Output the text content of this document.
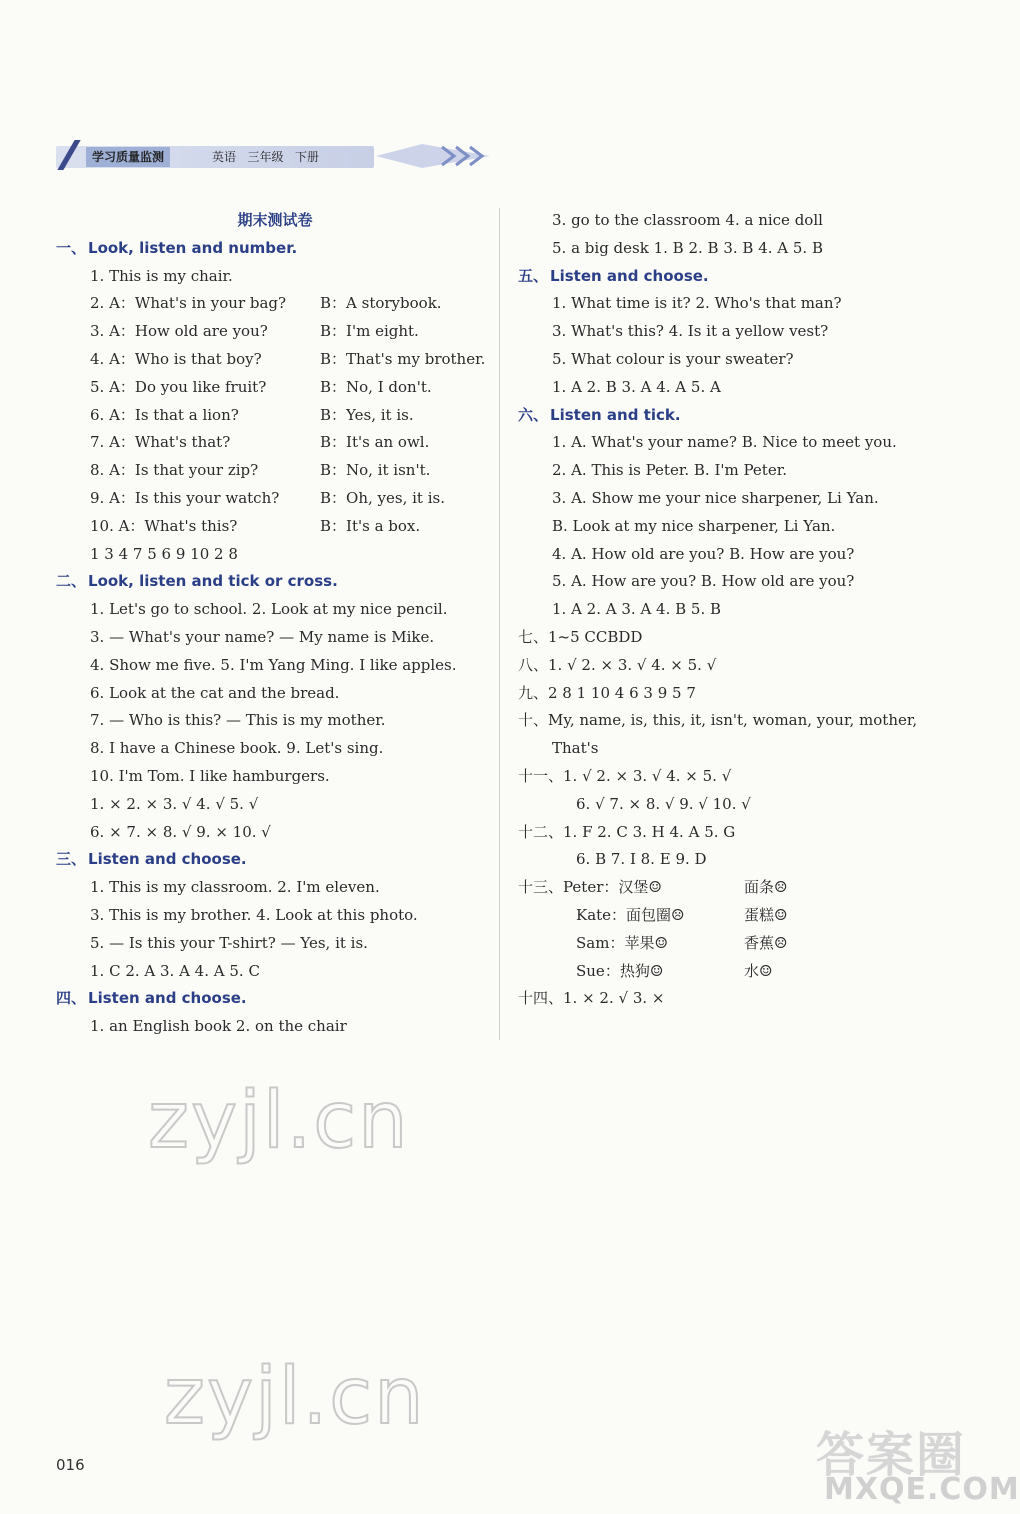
学习质量监测	英语 三年级 下册
期末测试卷
一、 Look, listen and number.
1. This is my chair.
2. A：What's in your bag? B：A storybook.
3. A：How old are you?	B：I'm eight.
4. A：Who is that boy?	B：That's my brother.
5. A：Do you like fruit?	B：No, I don't.
6. A：Is that a lion?	B：Yes, it is.
7. A：What's that?	B：It's an owl.
8. A：Is that your zip?	B：No, it isn't.
9. A：Is this your watch?	B：Oh, yes, it is.
10. A：What's this?	B：It's a box.
1 3 4 7 5 6 9 10 2 8
二、 Look, listen and tick or cross.
1. Let's go to school. 2. Look at my nice pencil.
3. — What's your name? — My name is Mike.
4. Show me five. 5. I'm Yang Ming. I like apples.
6. Look at the cat and the bread.
7. — Who is this? — This is my mother.
8. I have a Chinese book. 9. Let's sing.
10. I'm Tom. I like hamburgers.
1. × 2. × 3. √ 4. √ 5. √
6. × 7. × 8. √ 9. × 10. √
三、 Listen and choose.
1. This is my classroom. 2. I'm eleven.
3. This is my brother. 4. Look at this photo.
5. — Is this your T-shirt? — Yes, it is.
1. C 2. A 3. A 4. A 5. C
四、 Listen and choose.
1. an English book 2. on the chair
3. go to the classroom 4. a nice doll
5. a big desk 1. B 2. B 3. B 4. A 5. B
五、 Listen and choose.
1. What time is it? 2. Who's that man?
3. What's this? 4. Is it a yellow vest?
5. What colour is your sweater?
1. A 2. B 3. A 4. A 5. A
六、 Listen and tick.
1. A. What's your name? B. Nice to meet you.
2. A. This is Peter. B. I'm Peter.
3. A. Show me your nice sharpener, Li Yan.
B. Look at my nice sharpener, Li Yan.
4. A. How old are you? B. How are you?
5. A. How are you? B. How old are you?
1. A 2. A 3. A 4. B 5. B
七、1~5 CCBDD
八、1. √ 2. × 3. √ 4. × 5. √
九、2 8 1 10 4 6 3 9 5 7
十、My, name, is, this, it, isn't, woman, your, mother,
That's
十一、1. √ 2. × 3. √ 4. × 5. √
6. √ 7. × 8. √ 9. √ 10. √
十二、1. F 2. C 3. H 4. A 5. G
6. B 7. I 8. E 9. D
十三、Peter：汉堡☺	面条☹
Kate：面包圈☹	蛋糕☺
Sam：苹果☺	香蕉☹
Sue：热狗☺	水☺
十四、1. × 2. √ 3. ×
zyjl.cn
zyjl.cn
016	答案圈
MXQE.COM
